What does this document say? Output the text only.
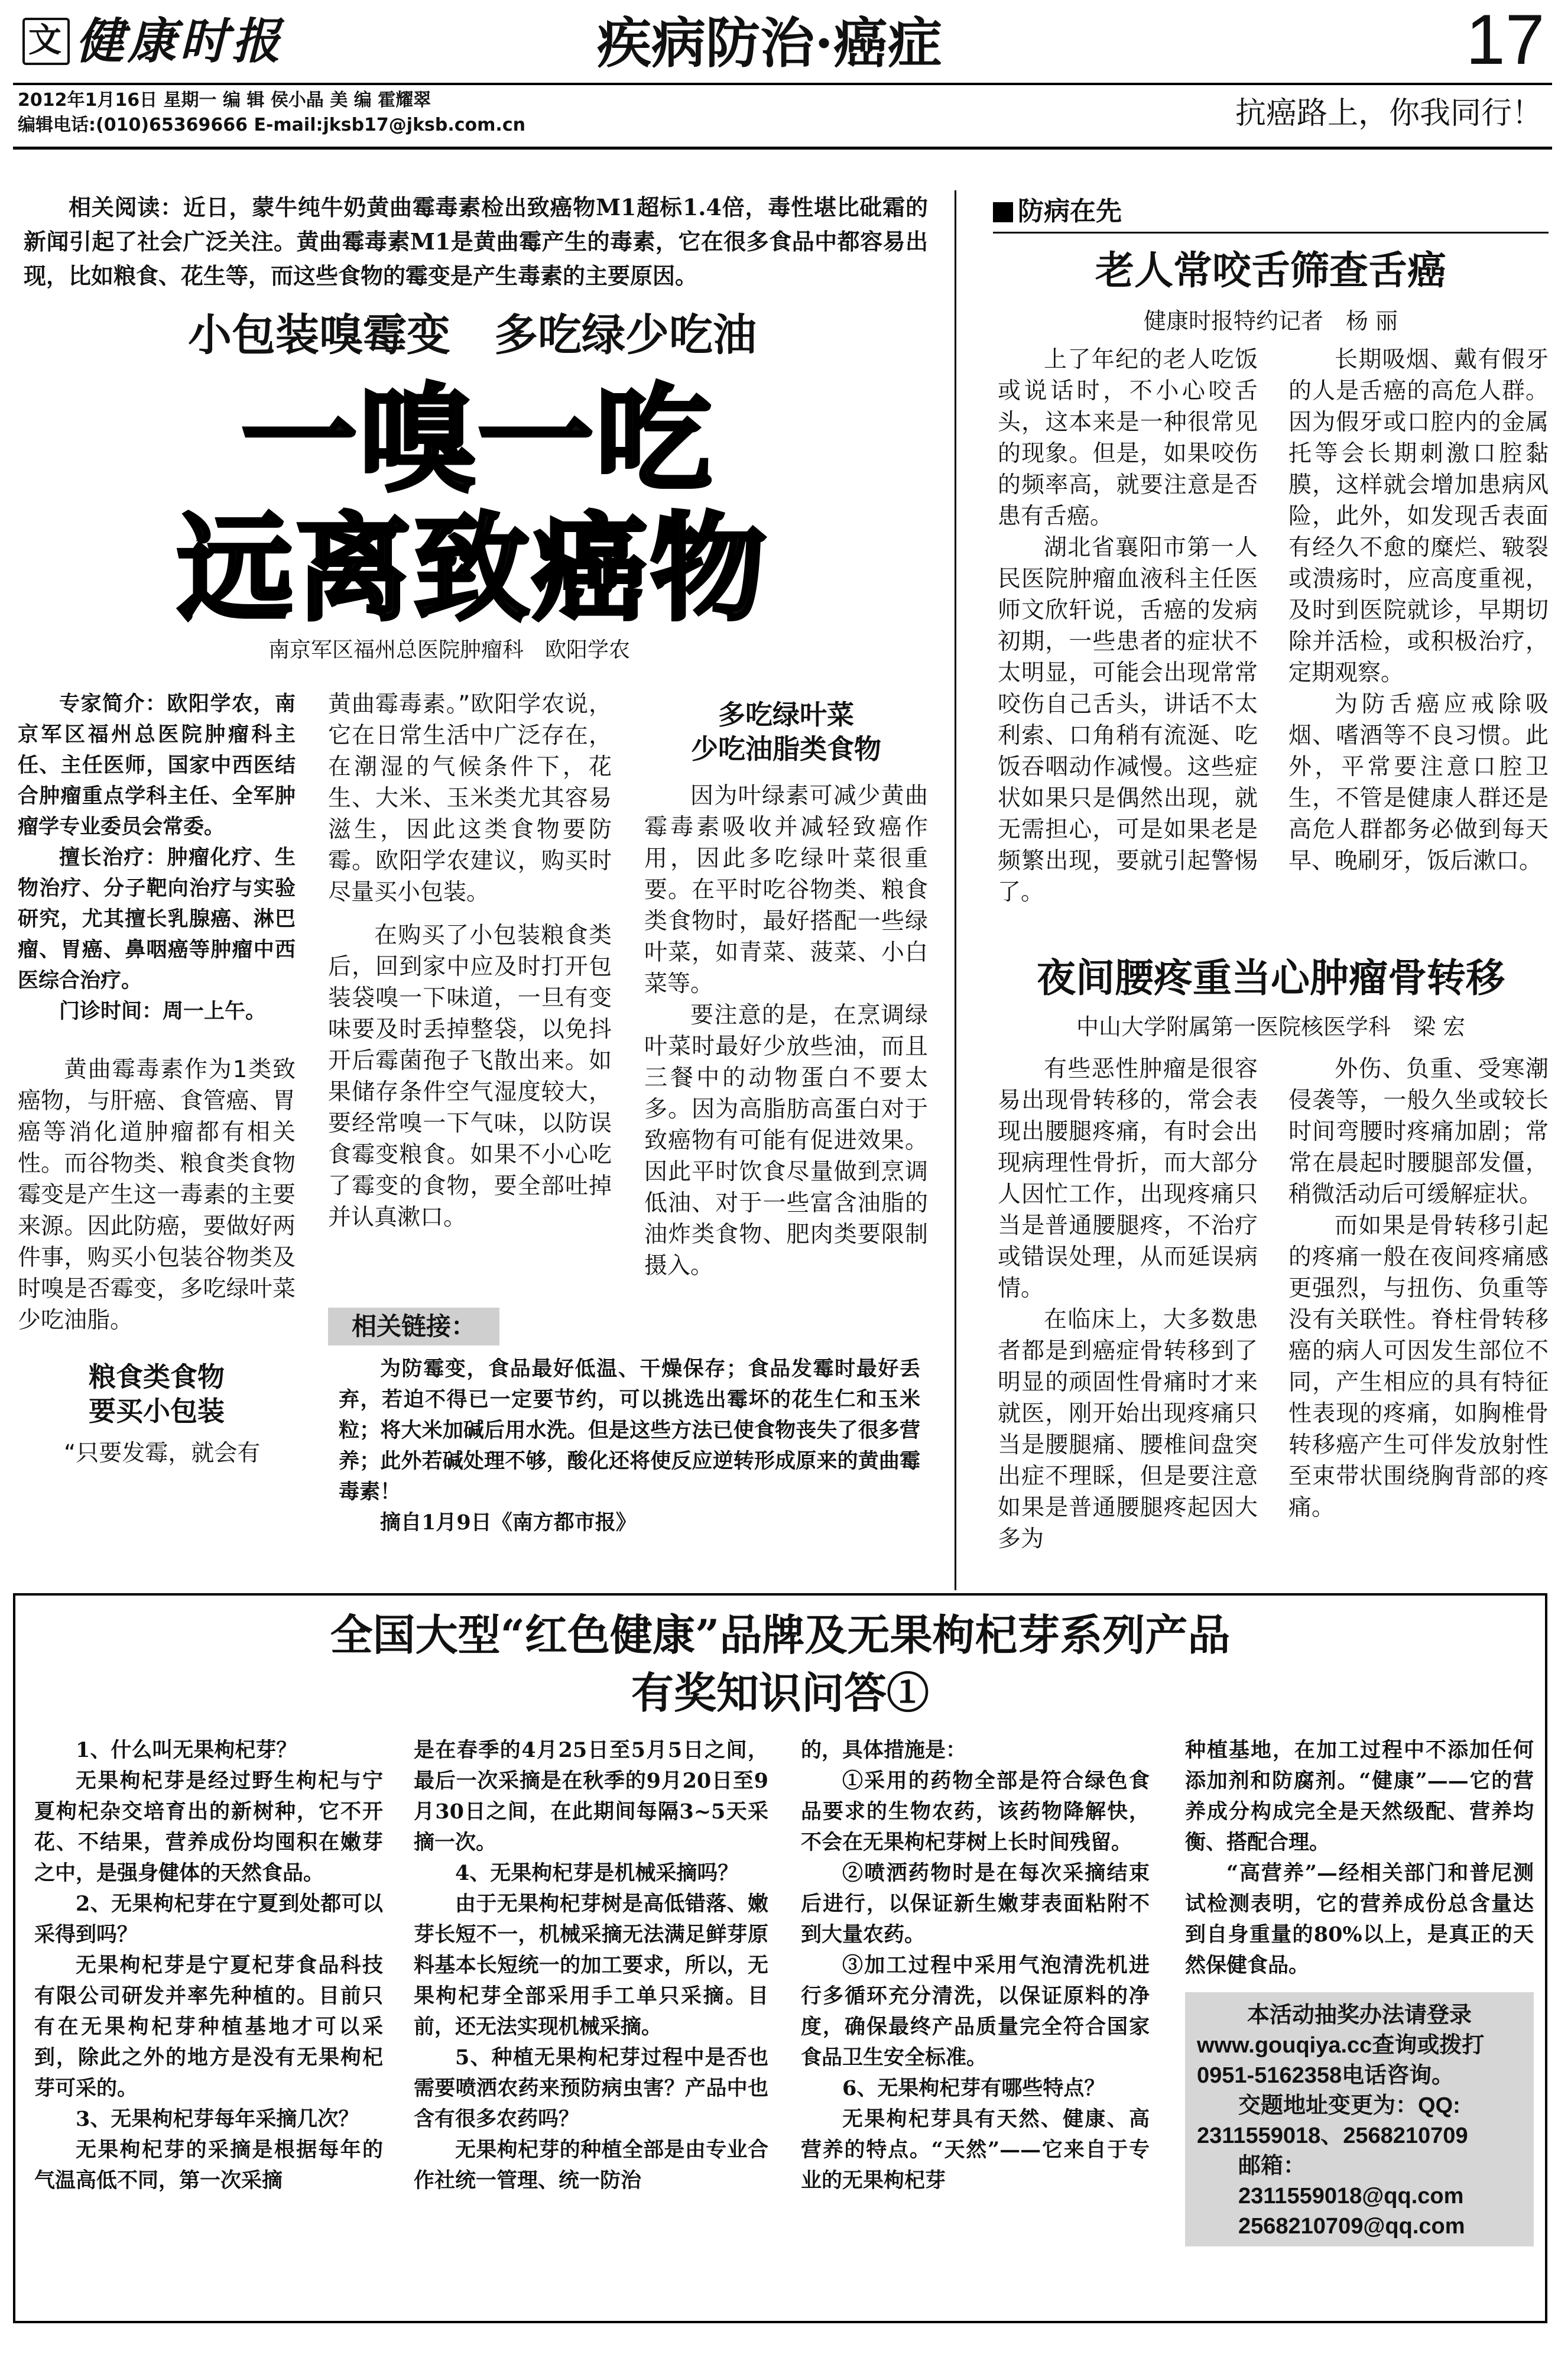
文 健康时报	疾病防治·癌症	17
2012年1月16日 星期一 编 辑 侯小晶 美 编 霍耀翠
编辑电话:(010)65369666 E-mail:jksb17@jksb.com.cn	抗癌路上，你我同行！

相关阅读：近日，蒙牛纯牛奶黄曲霉毒素检出致癌物M1超标1.4倍，毒性堪比砒霜的新闻引起了社会广泛关注。黄曲霉毒素M1是黄曲霉产生的毒素，它在很多食品中都容易出现，比如粮食、花生等，而这些食物的霉变是产生毒素的主要原因。

小包装嗅霉变　多吃绿少吃油
一嗅一吃
远离致癌物
南京军区福州总医院肿瘤科　欧阳学农

专家简介：欧阳学农，南京军区福州总医院肿瘤科主任、主任医师，国家中西医结合肿瘤重点学科主任、全军肿瘤学专业委员会常委。

擅长治疗：肿瘤化疗、生物治疗、分子靶向治疗与实验研究，尤其擅长乳腺癌、淋巴瘤、胃癌、鼻咽癌等肿瘤中西医综合治疗。

门诊时间：周一上午。

黄曲霉毒素作为1类致癌物，与肝癌、食管癌、胃癌等消化道肿瘤都有相关性。而谷物类、粮食类食物霉变是产生这一毒素的主要来源。因此防癌，要做好两件事，购买小包装谷物类及时嗅是否霉变，多吃绿叶菜少吃油脂。

粮食类食物
要买小包装

“只要发霉，就会有

黄曲霉毒素。”欧阳学农说，它在日常生活中广泛存在，在潮湿的气候条件下，花生、大米、玉米类尤其容易滋生，因此这类食物要防霉。欧阳学农建议，购买时尽量买小包装。

在购买了小包装粮食类后，回到家中应及时打开包装袋嗅一下味道，一旦有变味要及时丢掉整袋，以免抖开后霉菌孢子飞散出来。如果储存条件空气湿度较大，要经常嗅一下气味，以防误食霉变粮食。如果不小心吃了霉变的食物，要全部吐掉并认真漱口。

多吃绿叶菜
少吃油脂类食物

因为叶绿素可减少黄曲霉毒素吸收并减轻致癌作用，因此多吃绿叶菜很重要。在平时吃谷物类、粮食类食物时，最好搭配一些绿叶菜，如青菜、菠菜、小白菜等。

要注意的是，在烹调绿叶菜时最好少放些油，而且三餐中的动物蛋白不要太多。因为高脂肪高蛋白对于致癌物有可能有促进效果。因此平时饮食尽量做到烹调低油、对于一些富含油脂的油炸类食物、肥肉类要限制摄入。

相关链接：

为防霉变，食品最好低温、干燥保存；食品发霉时最好丢弃，若迫不得已一定要节约，可以挑选出霉坏的花生仁和玉米粒；将大米加碱后用水洗。但是这些方法已使食物丧失了很多营养；此外若碱处理不够，酸化还将使反应逆转形成原来的黄曲霉毒素！

摘自1月9日《南方都市报》

防病在先
老人常咬舌筛查舌癌
健康时报特约记者　杨 丽

上了年纪的老人吃饭或说话时，不小心咬舌头，这本来是一种很常见的现象。但是，如果咬伤的频率高，就要注意是否患有舌癌。

湖北省襄阳市第一人民医院肿瘤血液科主任医师文欣轩说，舌癌的发病初期，一些患者的症状不太明显，可能会出现常常咬伤自己舌头，讲话不太利索、口角稍有流涎、吃饭吞咽动作减慢。这些症状如果只是偶然出现，就无需担心，可是如果老是频繁出现，要就引起警惕了。

长期吸烟、戴有假牙的人是舌癌的高危人群。因为假牙或口腔内的金属托等会长期刺激口腔黏膜，这样就会增加患病风险，此外，如发现舌表面有经久不愈的糜烂、皲裂或溃疡时，应高度重视，及时到医院就诊，早期切除并活检，或积极治疗，定期观察。

为防舌癌应戒除吸烟、嗜酒等不良习惯。此外，平常要注意口腔卫生，不管是健康人群还是高危人群都务必做到每天早、晚刷牙，饭后漱口。

夜间腰疼重当心肿瘤骨转移
中山大学附属第一医院核医学科　梁 宏

有些恶性肿瘤是很容易出现骨转移的，常会表现出腰腿疼痛，有时会出现病理性骨折，而大部分人因忙工作，出现疼痛只当是普通腰腿疼，不治疗或错误处理，从而延误病情。

在临床上，大多数患者都是到癌症骨转移到了明显的顽固性骨痛时才来就医，刚开始出现疼痛只当是腰腿痛、腰椎间盘突出症不理睬，但是要注意如果是普通腰腿疼起因大多为

外伤、负重、受寒潮侵袭等，一般久坐或较长时间弯腰时疼痛加剧；常常在晨起时腰腿部发僵，稍微活动后可缓解症状。

而如果是骨转移引起的疼痛一般在夜间疼痛感更强烈，与扭伤、负重等没有关联性。脊柱骨转移癌的病人可因发生部位不同，产生相应的具有特征性表现的疼痛，如胸椎骨转移癌产生可伴发放射性至束带状围绕胸背部的疼痛。

全国大型“红色健康”品牌及无果枸杞芽系列产品
有奖知识问答①

1、什么叫无果枸杞芽？

无果枸杞芽是经过野生枸杞与宁夏枸杞杂交培育出的新树种，它不开花、不结果，营养成份均囤积在嫩芽之中，是强身健体的天然食品。

2、无果枸杞芽在宁夏到处都可以采得到吗？

无果枸杞芽是宁夏杞芽食品科技有限公司研发并率先种植的。目前只有在无果枸杞芽种植基地才可以采到，除此之外的地方是没有无果枸杞芽可采的。

3、无果枸杞芽每年采摘几次？

无果枸杞芽的采摘是根据每年的气温高低不同，第一次采摘

是在春季的4月25日至5月5日之间，最后一次采摘是在秋季的9月20日至9月30日之间，在此期间每隔3~5天采摘一次。

4、无果枸杞芽是机械采摘吗？

由于无果枸杞芽树是高低错落、嫩芽长短不一，机械采摘无法满足鲜芽原料基本长短统一的加工要求，所以，无果枸杞芽全部采用手工单只采摘。目前，还无法实现机械采摘。

5、种植无果枸杞芽过程中是否也需要喷洒农药来预防病虫害？产品中也含有很多农药吗？

无果枸杞芽的种植全部是由专业合作社统一管理、统一防治

的，具体措施是：

①采用的药物全部是符合绿色食品要求的生物农药，该药物降解快，不会在无果枸杞芽树上长时间残留。

②喷洒药物时是在每次采摘结束后进行，以保证新生嫩芽表面粘附不到大量农药。

③加工过程中采用气泡清洗机进行多循环充分清洗，以保证原料的净度，确保最终产品质量完全符合国家食品卫生安全标准。

6、无果枸杞芽有哪些特点？

无果枸杞芽具有天然、健康、高营养的特点。“天然”——它来自于专业的无果枸杞芽

种植基地，在加工过程中不添加任何添加剂和防腐剂。“健康”——它的营养成分构成完全是天然级配、营养均衡、搭配合理。

“高营养”—经相关部门和普尼测试检测表明，它的营养成份总含量达到自身重量的80%以上，是真正的天然保健食品。

本活动抽奖办法请登录
www.gouqiya.cc查询或拨打
0951-5162358电话咨询。
交题地址变更为：QQ:
2311559018、2568210709
邮箱：
2311559018@qq.com
2568210709@qq.com
